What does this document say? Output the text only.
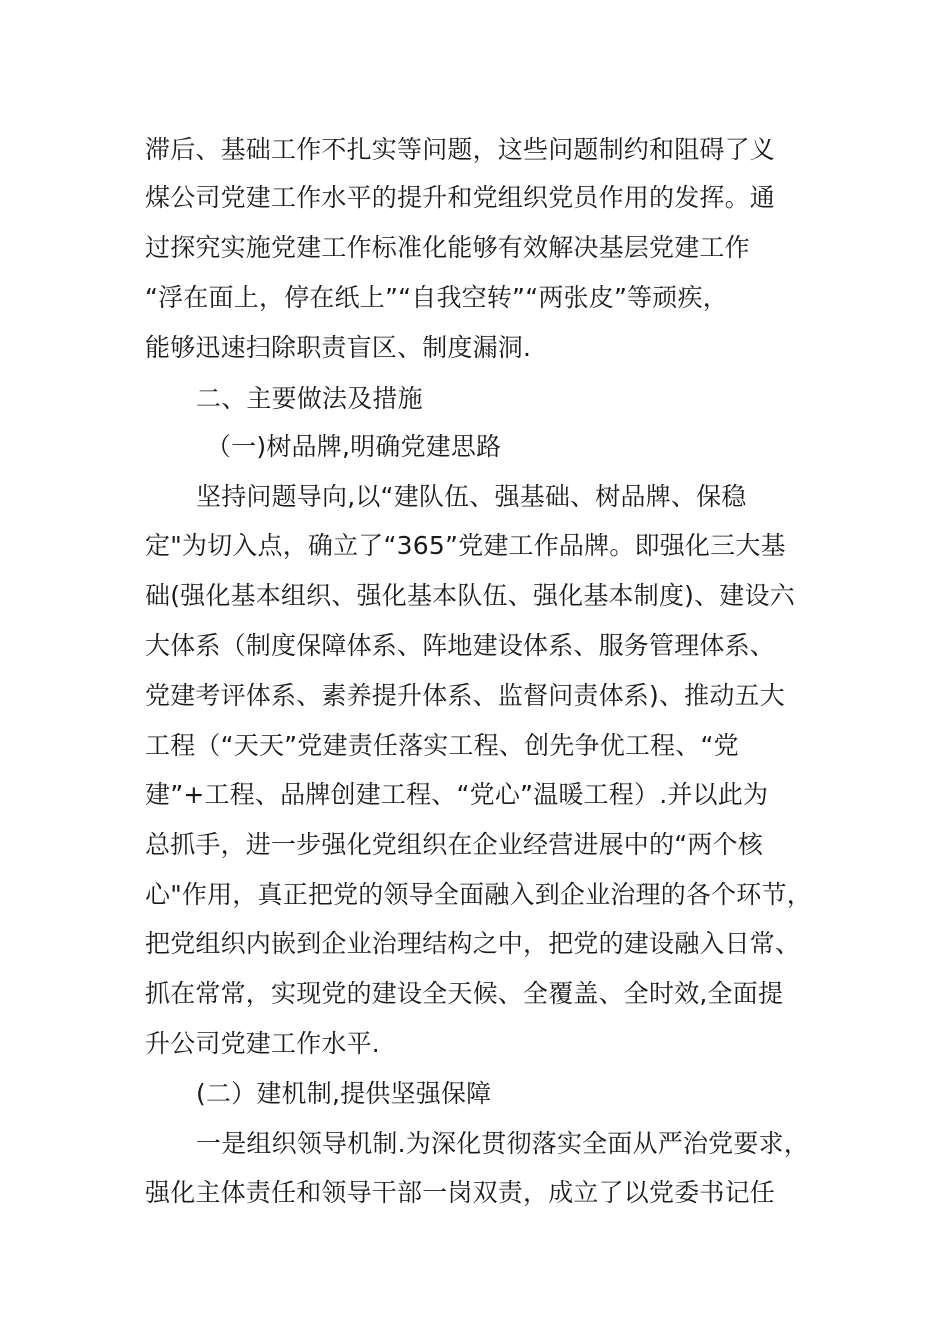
滞后、基础工作不扎实等问题，这些问题制约和阻碍了义
煤公司党建工作水平的提升和党组织党员作用的发挥。通
过探究实施党建工作标准化能够有效解决基层党建工作
“浮在面上，停在纸上”“自我空转”“两张皮”等顽疾，
能够迅速扫除职责盲区、制度漏洞.
二、主要做法及措施
（一)树品牌,明确党建思路
坚持问题导向,以“建队伍、强基础、树品牌、保稳
定"为切入点，确立了“365”党建工作品牌。即强化三大基
础(强化基本组织、强化基本队伍、强化基本制度)、建设六
大体系（制度保障体系、阵地建设体系、服务管理体系、
党建考评体系、素养提升体系、监督问责体系)、推动五大
工程（“天天”党建责任落实工程、创先争优工程、“党
建”+工程、品牌创建工程、“党心”温暖工程）.并以此为
总抓手，进一步强化党组织在企业经营进展中的“两个核
心"作用，真正把党的领导全面融入到企业治理的各个环节，
把党组织内嵌到企业治理结构之中，把党的建设融入日常、
抓在常常，实现党的建设全天候、全覆盖、全时效,全面提
升公司党建工作水平.
(二）建机制,提供坚强保障
一是组织领导机制.为深化贯彻落实全面从严治党要求，
强化主体责任和领导干部一岗双责，成立了以党委书记任
